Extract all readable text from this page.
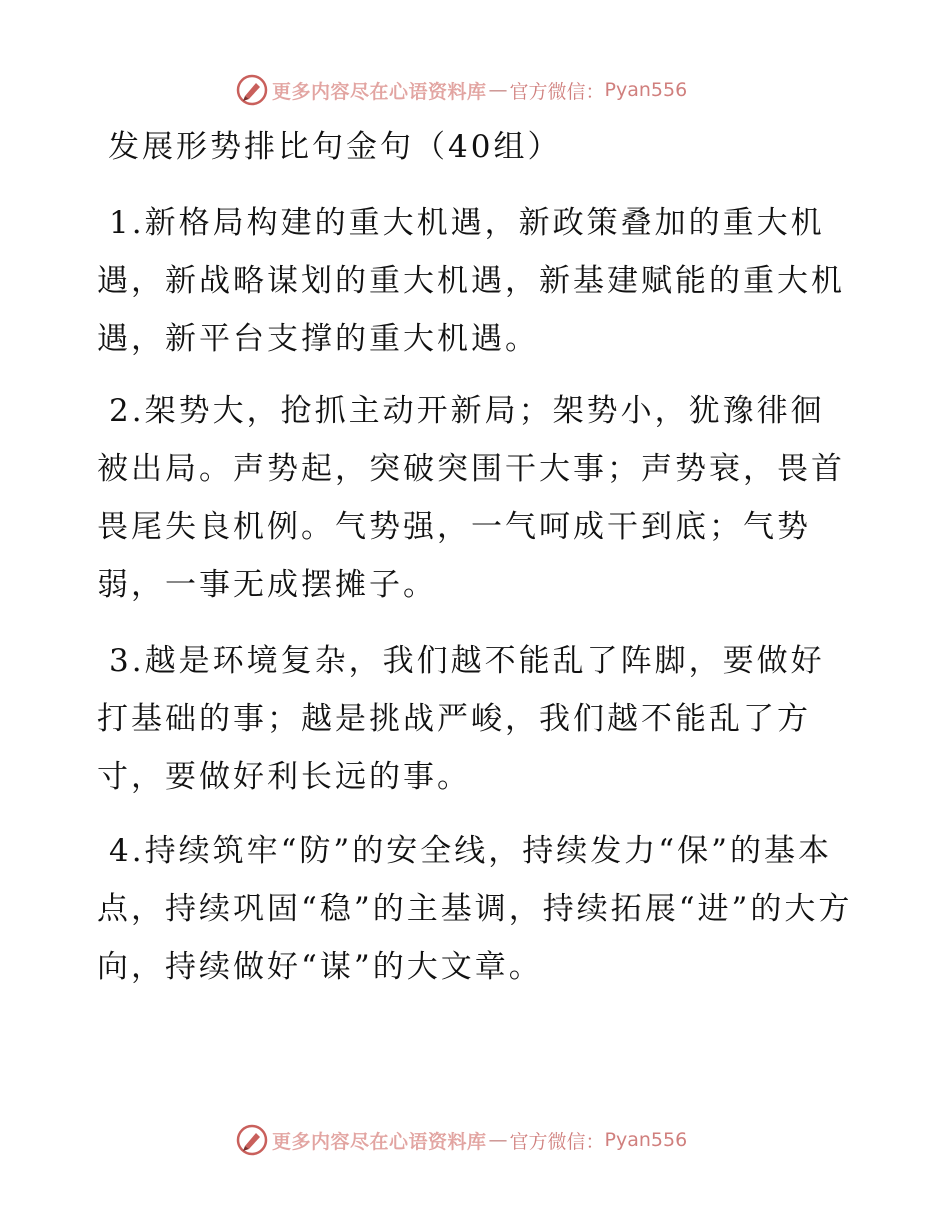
更多内容尽在心语资料库 — 官方微信： Pyan556
发展形势排比句金句（40组）

1.新格局构建的重大机遇，新政策叠加的重大机遇，新战略谋划的重大机遇，新基建赋能的重大机遇，新平台支撑的重大机遇。

2.架势大，抢抓主动开新局；架势小，犹豫徘徊被出局。声势起，突破突围干大事；声势衰，畏首畏尾失良机例。气势强，一气呵成干到底；气势弱，一事无成摆摊子。

3.越是环境复杂，我们越不能乱了阵脚，要做好打基础的事；越是挑战严峻，我们越不能乱了方寸，要做好利长远的事。

4.持续筑牢“防”的安全线，持续发力“保”的基本点，持续巩固“稳”的主基调，持续拓展“进”的大方向，持续做好“谋”的大文章。

更多内容尽在心语资料库 — 官方微信： Pyan556
